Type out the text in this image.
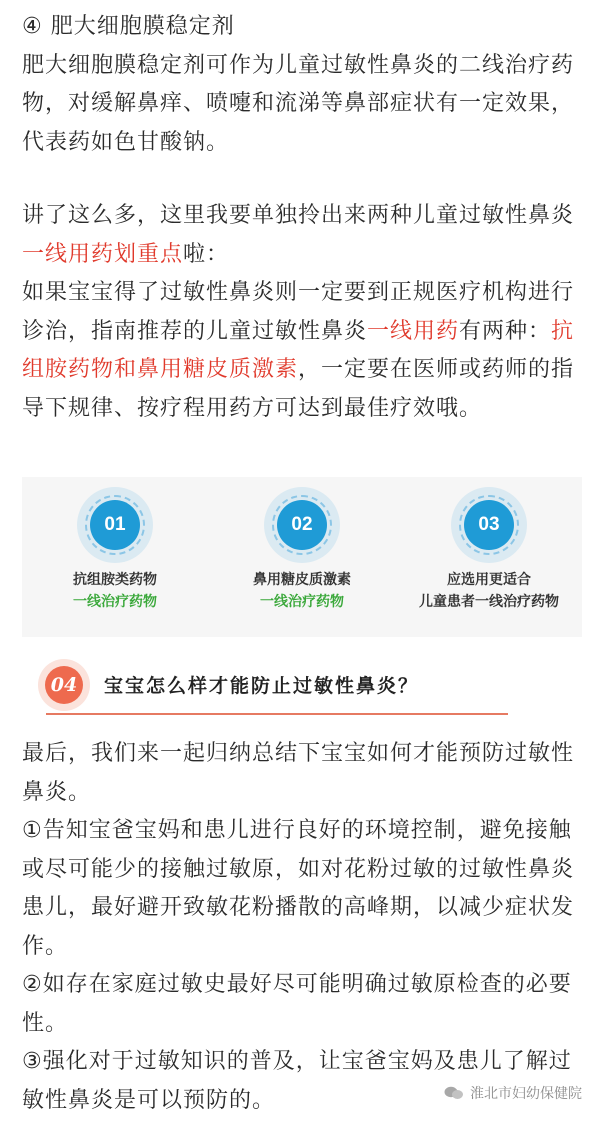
④ 肥大细胞膜稳定剂
肥大细胞膜稳定剂可作为儿童过敏性鼻炎的二线治疗药物，对缓解鼻痒、喷嚏和流涕等鼻部症状有一定效果，代表药如色甘酸钠。
讲了这么多，这里我要单独拎出来两种儿童过敏性鼻炎一线用药划重点啦：
如果宝宝得了过敏性鼻炎则一定要到正规医疗机构进行诊治，指南推荐的儿童过敏性鼻炎一线用药有两种：抗组胺药物和鼻用糖皮质激素，一定要在医师或药师的指导下规律、按疗程用药方可达到最佳疗效哦。
01
抗组胺类药物
一线治疗药物
02
鼻用糖皮质激素
一线治疗药物
03
应选用更适合
儿童患者一线治疗药物
04	宝宝怎么样才能防止过敏性鼻炎？
最后，我们来一起归纳总结下宝宝如何才能预防过敏性鼻炎。
①告知宝爸宝妈和患儿进行良好的环境控制，避免接触或尽可能少的接触过敏原，如对花粉过敏的过敏性鼻炎患儿，最好避开致敏花粉播散的高峰期，以减少症状发作。
②如存在家庭过敏史最好尽可能明确过敏原检查的必要性。
③强化对于过敏知识的普及，让宝爸宝妈及患儿了解过敏性鼻炎是可以预防的。	淮北市妇幼保健院
